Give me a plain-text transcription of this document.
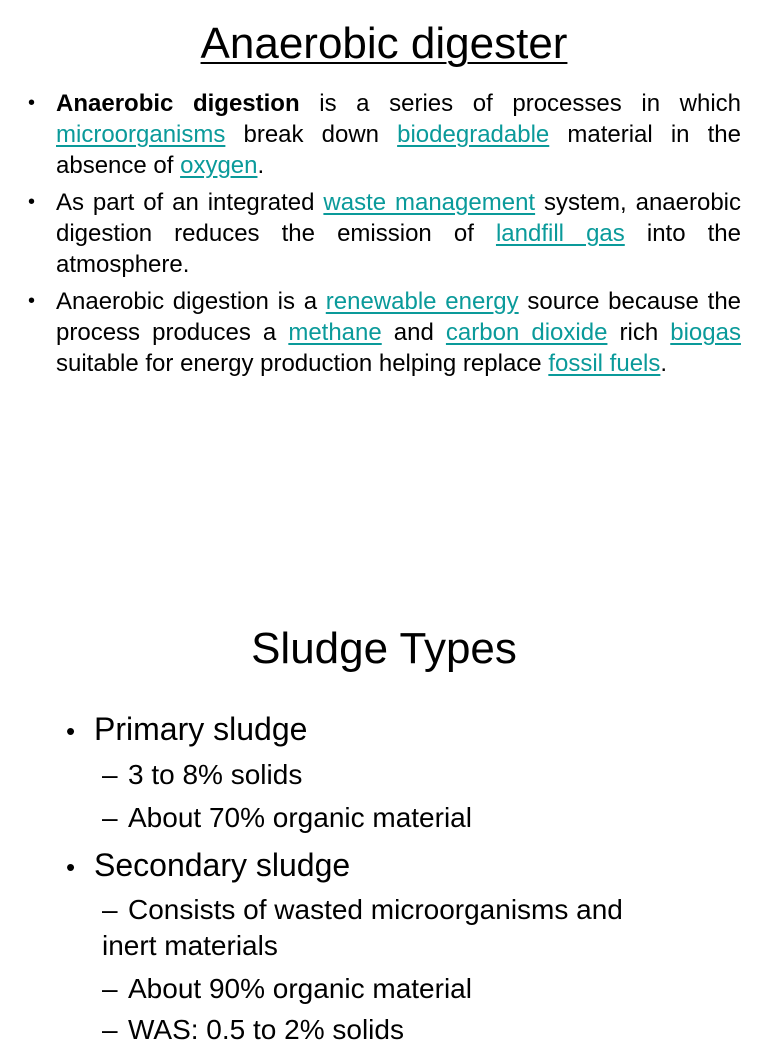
Anaerobic digester
• Anaerobic digestion is a series of processes in which microorganisms break down biodegradable material in the absence of oxygen.
• As part of an integrated waste management system, anaerobic digestion reduces the emission of landfill gas into the atmosphere.
• Anaerobic digestion is a renewable energy source because the process produces a methane and carbon dioxide rich biogas suitable for energy production helping replace fossil fuels.
Sludge Types
• Primary sludge
– 3 to 8% solids
– About 70% organic material
• Secondary sludge
– Consists of wasted microorganisms and
inert materials
– About 90% organic material
– WAS: 0.5 to 2% solids
